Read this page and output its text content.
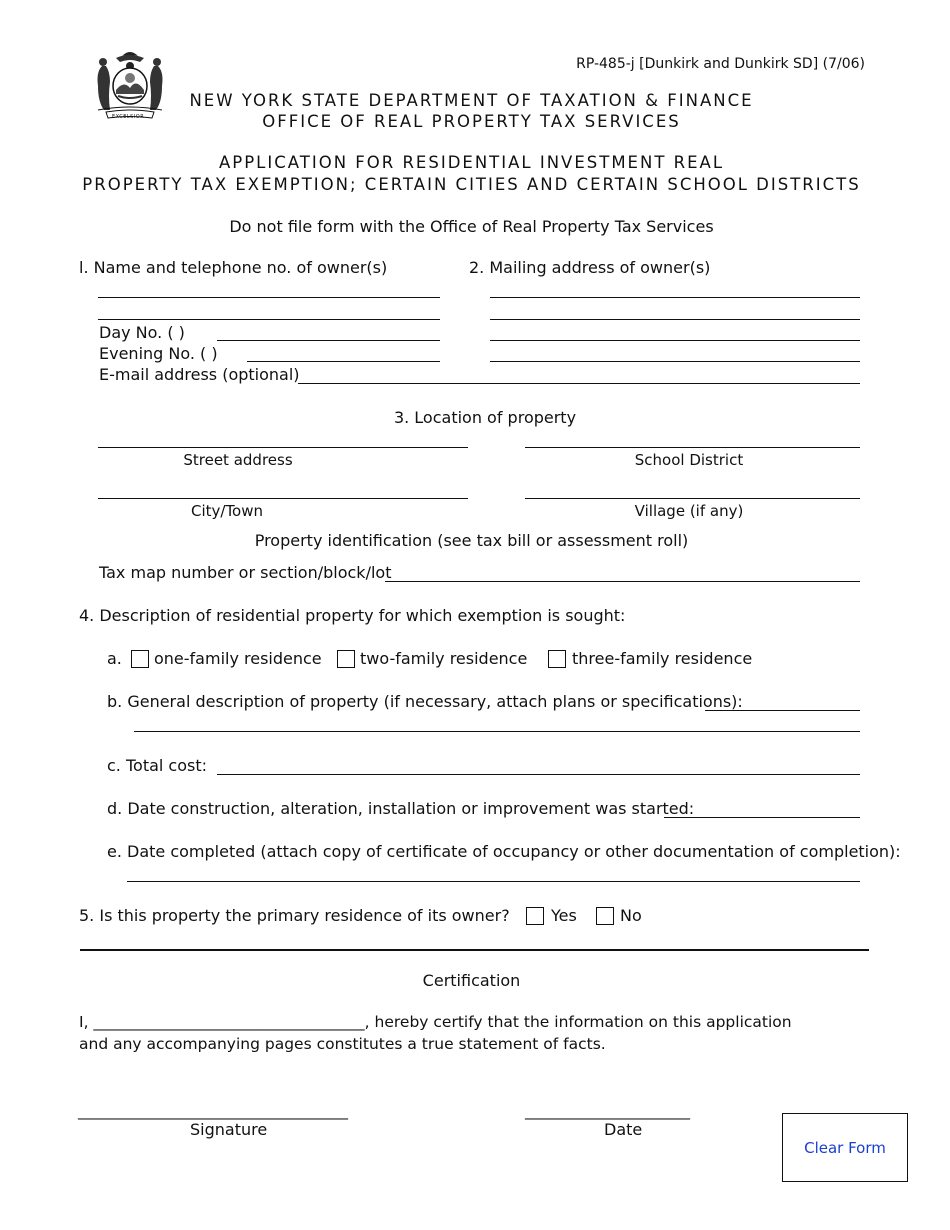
EXCELSIOR
RP-485-j [Dunkirk and Dunkirk SD] (7/06)
NEW YORK STATE DEPARTMENT OF TAXATION & FINANCE
OFFICE OF REAL PROPERTY TAX SERVICES
APPLICATION FOR RESIDENTIAL INVESTMENT REAL
PROPERTY TAX EXEMPTION; CERTAIN CITIES AND CERTAIN SCHOOL DISTRICTS
Do not file form with the Office of Real Property Tax Services
l. Name and telephone no. of owner(s)
Day No. ( )
Evening No. ( )
E-mail address (optional)
2. Mailing address of owner(s)
3. Location of property
Street address	School District
City/Town	Village (if any)
Property identification (see tax bill or assessment roll)
Tax map number or section/block/lot
4. Description of residential property for which exemption is sought:
a. one-family residence two-family residence	three-family residence
b. General description of property (if necessary, attach plans or specifications):
c. Total cost:
d. Date construction, alteration, installation or improvement was started:
e. Date completed (attach copy of certificate of occupancy or other documentation of completion):
5. Is this property the primary residence of its owner?	Yes	No
Certification
I, ___________________________________, hereby certify that the information on this application
and any accompanying pages constitutes a true statement of facts.
____________________________________
Signature
______________________
Date
Clear Form
